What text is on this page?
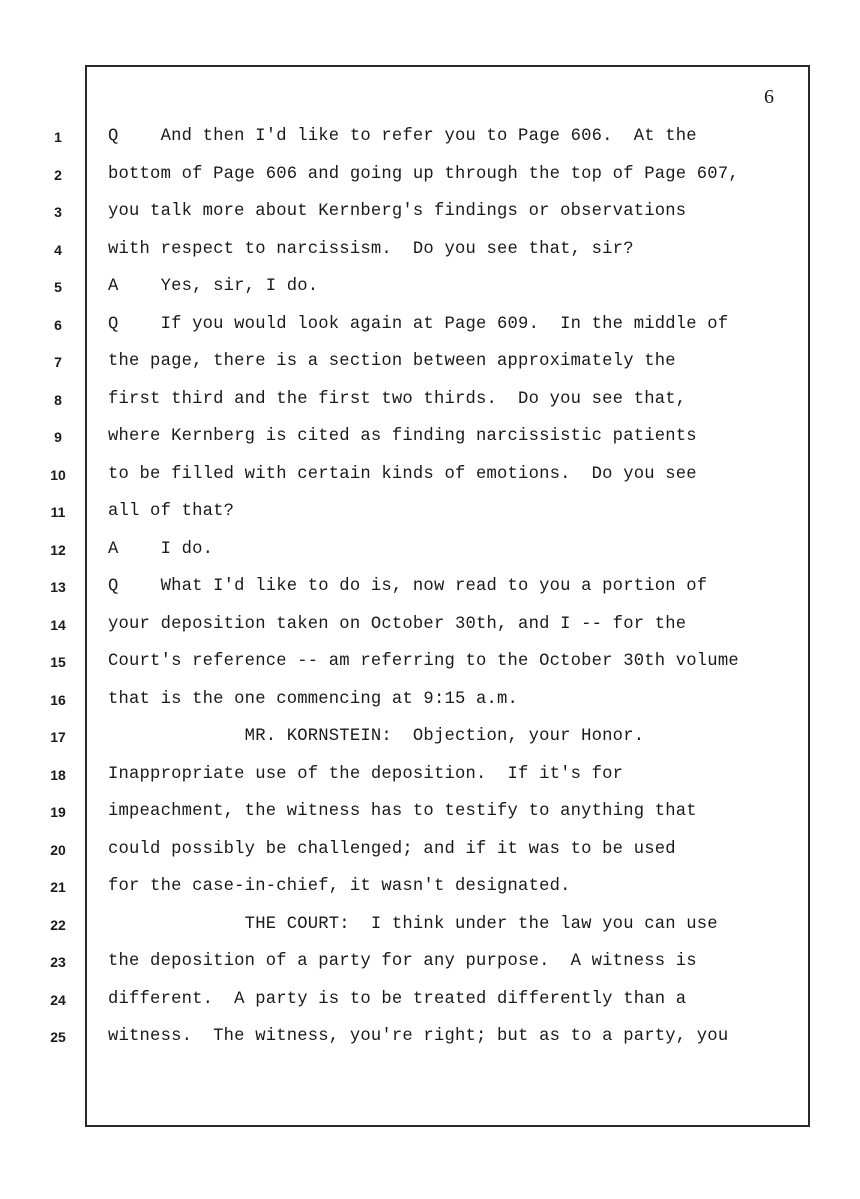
6
1
2
3
4
5
6
7
8
9
10
11
12
13
14
15
16
17
18
19
20
21
22
23
24
25
Q    And then I'd like to refer you to Page 606.  At the
bottom of Page 606 and going up through the top of Page 607,
you talk more about Kernberg's findings or observations
with respect to narcissism.  Do you see that, sir?
A    Yes, sir, I do.
Q    If you would look again at Page 609.  In the middle of
the page, there is a section between approximately the
first third and the first two thirds.  Do you see that,
where Kernberg is cited as finding narcissistic patients
to be filled with certain kinds of emotions.  Do you see
all of that?
A    I do.
Q    What I'd like to do is, now read to you a portion of
your deposition taken on October 30th, and I -- for the
Court's reference -- am referring to the October 30th volume
that is the one commencing at 9:15 a.m.
MR. KORNSTEIN:  Objection, your Honor.
Inappropriate use of the deposition.  If it's for
impeachment, the witness has to testify to anything that
could possibly be challenged; and if it was to be used
for the case-in-chief, it wasn't designated.
THE COURT:  I think under the law you can use
the deposition of a party for any purpose.  A witness is
different.  A party is to be treated differently than a
witness.  The witness, you're right; but as to a party, you
